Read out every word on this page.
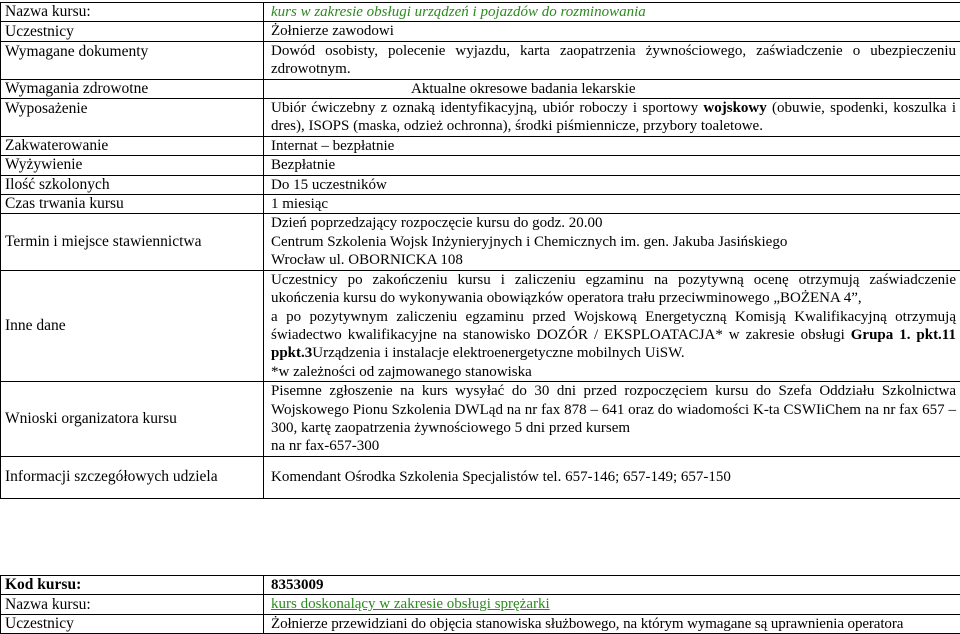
Nazwa kursu:	kurs w zakresie obsługi urządzeń i pojazdów do rozminowania
Uczestnicy	Żołnierze zawodowi
Wymagane dokumenty	Dowód osobisty, polecenie wyjazdu, karta zaopatrzenia żywnościowego, zaświadczenie o ubezpieczeniu zdrowotnym.
Wymagania zdrowotne	Aktualne okresowe badania lekarskie
Wyposażenie	Ubiór ćwiczebny z oznaką identyfikacyjną, ubiór roboczy i sportowy wojskowy (obuwie, spodenki, koszulka i dres), ISOPS (maska, odzież ochronna), środki piśmiennicze, przybory toaletowe.
Zakwaterowanie	Internat – bezpłatnie
Wyżywienie	Bezpłatnie
Ilość szkolonych	Do 15 uczestników
Czas trwania kursu	1 miesiąc
Termin i miejsce stawiennictwa	Dzień poprzedzający rozpoczęcie kursu do godz. 20.00
Centrum Szkolenia Wojsk Inżynieryjnych i Chemicznych im. gen. Jakuba Jasińskiego
Wrocław ul. OBORNICKA 108

Inne dane	Uczestnicy po zakończeniu kursu i zaliczeniu egzaminu na pozytywną ocenę otrzymują zaświadczenie ukończenia kursu do wykonywania obowiązków operatora trału przeciwminowego „BOŻENA 4”,
a po pozytywnym zaliczeniu egzaminu przed Wojskową Energetyczną Komisją Kwalifikacyjną otrzymują świadectwo kwalifikacyjne na stanowisko DOZÓR / EKSPLOATACJA* w zakresie obsługi Grupa 1. pkt.11 ppkt.3Urządzenia i instalacje elektroenergetyczne mobilnych UiSW.
*w zależności od zajmowanego stanowiska

Wnioski organizatora kursu	Pisemne zgłoszenie na kurs wysyłać do 30 dni przed rozpoczęciem kursu do Szefa Oddziału Szkolnictwa Wojskowego Pionu Szkolenia DWLąd na nr fax 878 – 641 oraz do wiadomości K-ta CSWIiChem na nr fax 657 – 300, kartę zaopatrzenia żywnościowego 5 dni przed kursem
na nr fax-657-300

Informacji szczegółowych udziela	Komendant Ośrodka Szkolenia Specjalistów tel. 657-146; 657-149; 657-150
Kod kursu:	8353009
Nazwa kursu:	kurs doskonalący w zakresie obsługi sprężarki
Uczestnicy	Żołnierze przewidziani do objęcia stanowiska służbowego, na którym wymagane są uprawnienia operatora
